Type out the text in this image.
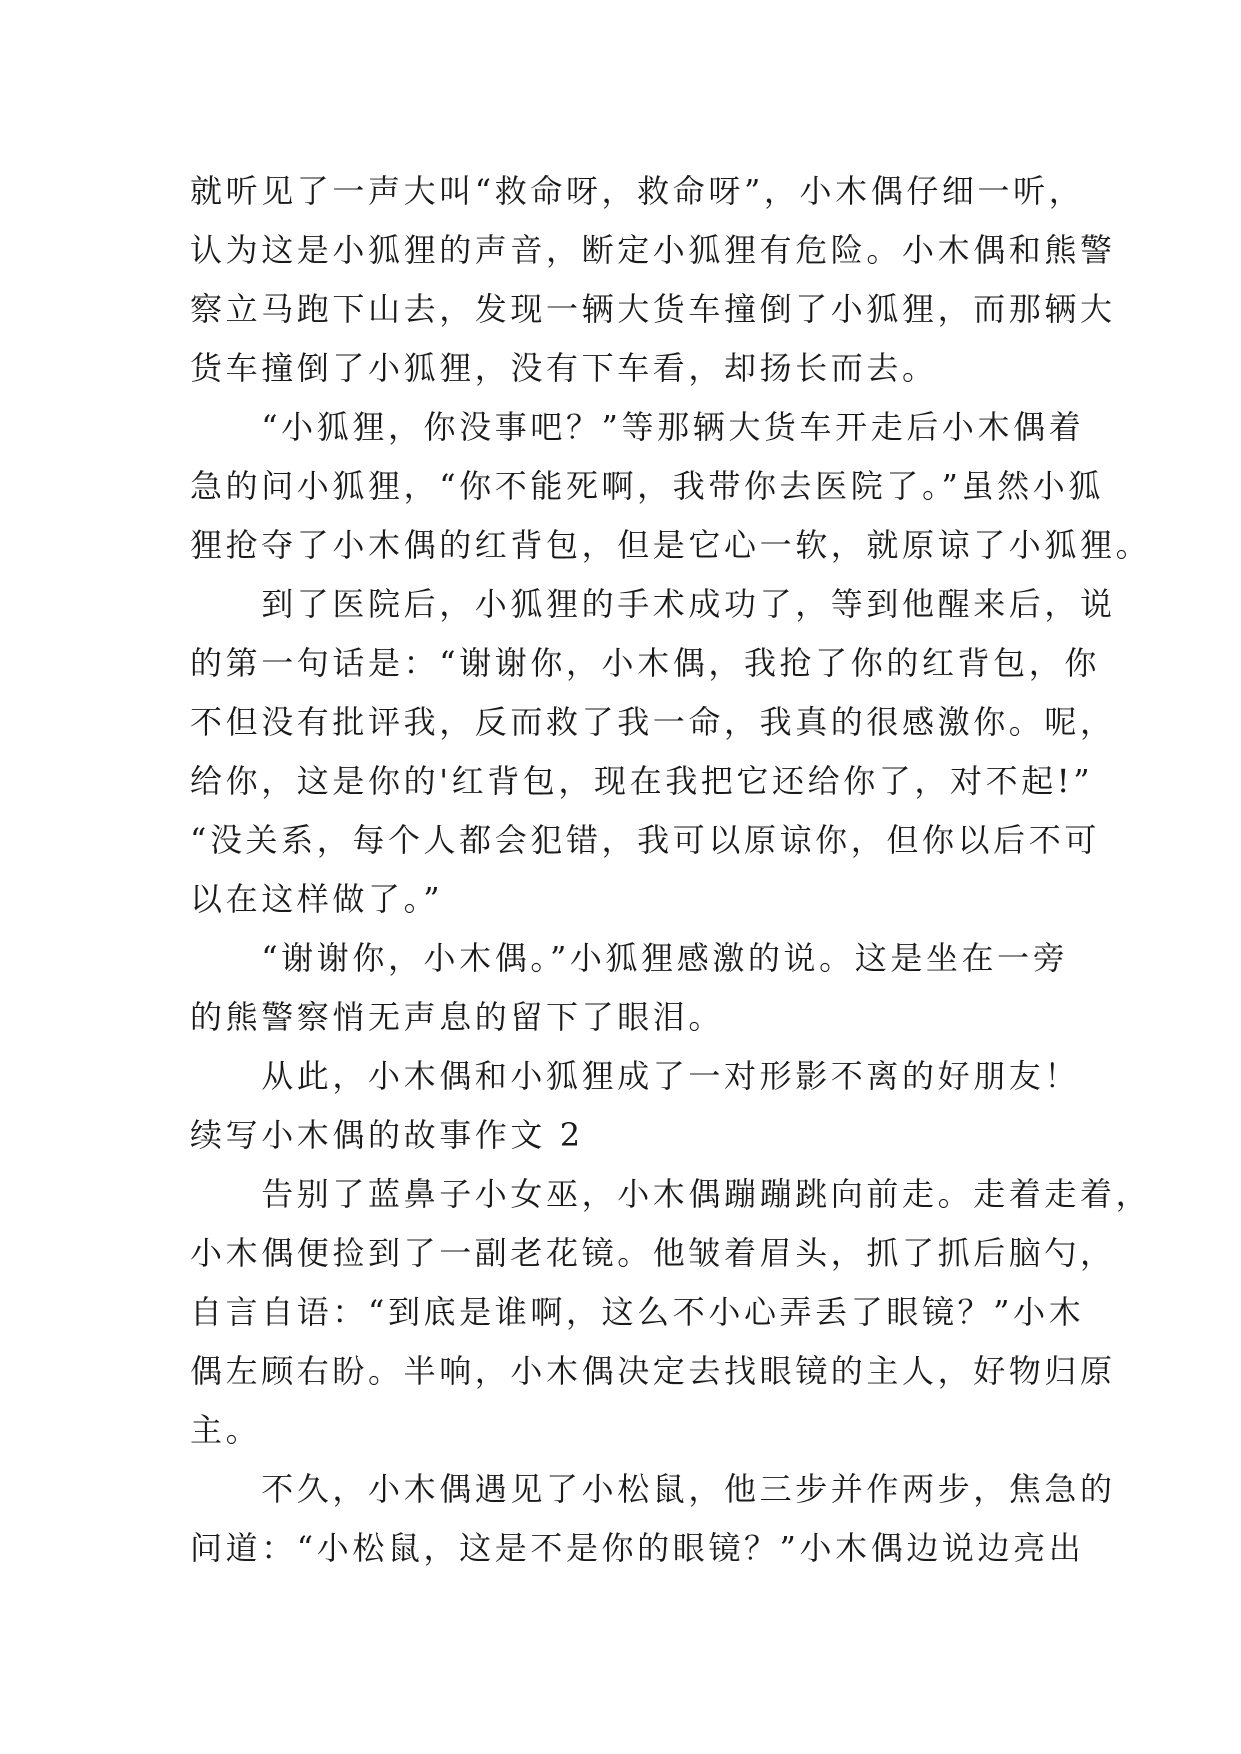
就听见了一声大叫“救命呀，救命呀”，小木偶仔细一听，
认为这是小狐狸的声音，断定小狐狸有危险。小木偶和熊警
察立马跑下山去，发现一辆大货车撞倒了小狐狸，而那辆大
货车撞倒了小狐狸，没有下车看，却扬长而去。
　　“小狐狸，你没事吧？”等那辆大货车开走后小木偶着
急的问小狐狸，“你不能死啊，我带你去医院了。”虽然小狐
狸抢夺了小木偶的红背包，但是它心一软，就原谅了小狐狸。
　　到了医院后，小狐狸的手术成功了，等到他醒来后，说
的第一句话是：“谢谢你，小木偶，我抢了你的红背包，你
不但没有批评我，反而救了我一命，我真的很感激你。呢，
给你，这是你的'红背包，现在我把它还给你了，对不起!”
“没关系，每个人都会犯错，我可以原谅你，但你以后不可
以在这样做了。”
　　“谢谢你，小木偶。”小狐狸感激的说。这是坐在一旁
的熊警察悄无声息的留下了眼泪。
　　从此，小木偶和小狐狸成了一对形影不离的好朋友！
续写小木偶的故事作文 2
　　告别了蓝鼻子小女巫，小木偶蹦蹦跳向前走。走着走着，
小木偶便捡到了一副老花镜。他皱着眉头，抓了抓后脑勺，
自言自语：“到底是谁啊，这么不小心弄丢了眼镜？”小木
偶左顾右盼。半响，小木偶决定去找眼镜的主人，好物归原
主。
　　不久，小木偶遇见了小松鼠，他三步并作两步，焦急的
问道：“小松鼠，这是不是你的眼镜？”小木偶边说边亮出
